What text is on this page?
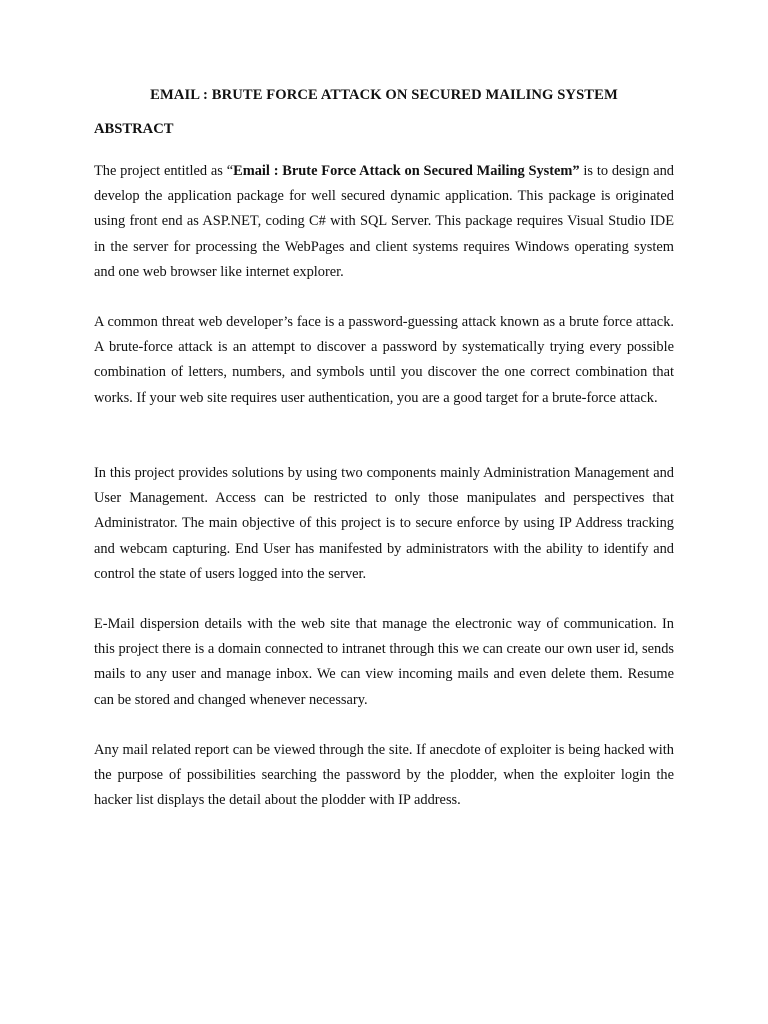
EMAIL : BRUTE FORCE ATTACK ON SECURED MAILING SYSTEM
ABSTRACT

The project entitled as “Email : Brute Force Attack on Secured Mailing System” is to design and develop the application package for well secured dynamic application. This package is originated using front end as ASP.NET, coding C# with SQL Server. This package requires Visual Studio IDE in the server for processing the WebPages and client systems requires Windows operating system and one web browser like internet explorer.

A common threat web developer’s face is a password-guessing attack known as a brute force attack. A brute-force attack is an attempt to discover a password by systematically trying every possible combination of letters, numbers, and symbols until you discover the one correct combination that works. If your web site requires user authentication, you are a good target for a brute-force attack.

In this project provides solutions by using two components mainly Administration Management and User Management. Access can be restricted to only those manipulates and perspectives that Administrator. The main objective of this project is to secure enforce by using IP Address tracking and webcam capturing. End User has manifested by administrators with the ability to identify and control the state of users logged into the server.

E-Mail dispersion details with the web site that manage the electronic way of communication. In this project there is a domain connected to intranet through this we can create our own user id, sends mails to any user and manage inbox. We can view incoming mails and even delete them. Resume can be stored and changed whenever necessary.

Any mail related report can be viewed through the site. If anecdote of exploiter is being hacked with the purpose of possibilities searching the password by the plodder, when the exploiter login the hacker list displays the detail about the plodder with IP address.
